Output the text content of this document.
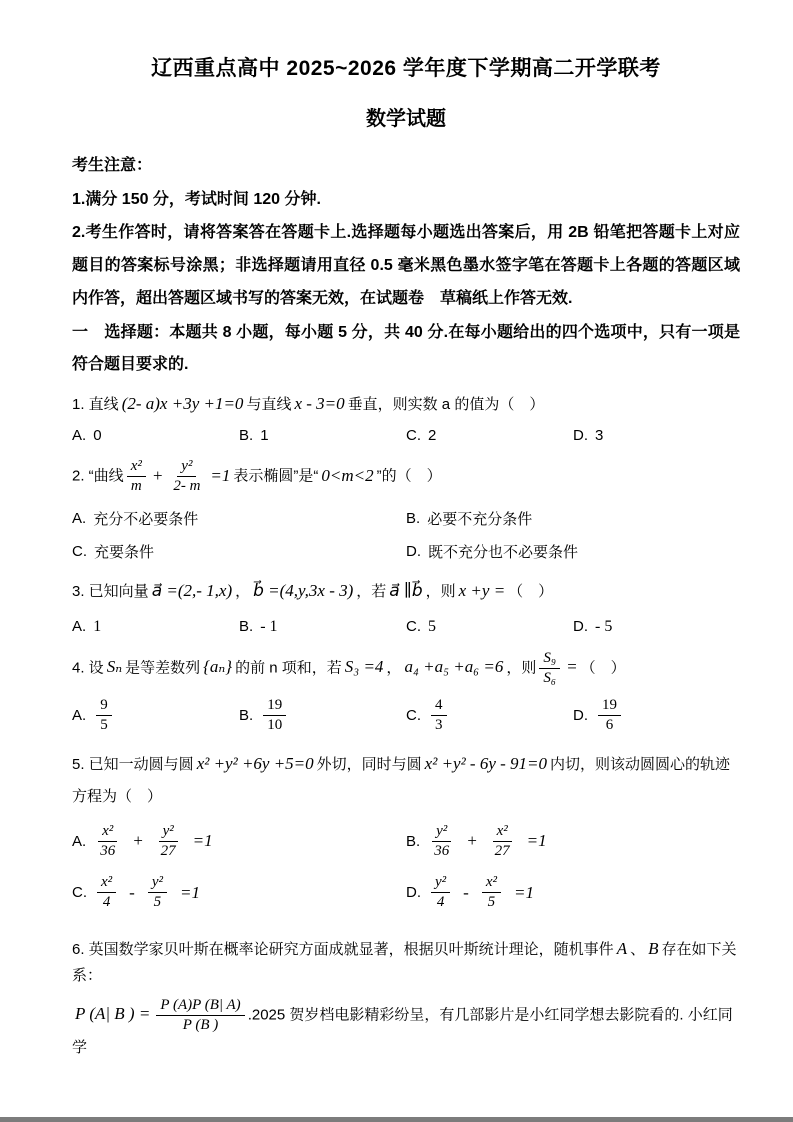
辽西重点高中 2025~2026 学年度下学期高二开学联考
数学试题
考生注意：
1.满分 150 分，考试时间 120 分钟.
2.考生作答时，请将答案答在答题卡上.选择题每小题选出答案后，用 2B 铅笔把答题卡上对应题目的答案标号涂黑；非选择题请用直径 0.5 毫米黑色墨水签字笔在答题卡上各题的答题区域内作答，超出答题区域书写的答案无效，在试题卷　草稿纸上作答无效.
一　选择题：本题共 8 小题，每小题 5 分，共 40 分.在每小题给出的四个选项中，只有一项是符合题目要求的.
1. 直线 (2- a)x +3y +1=0 与直线 x - 3=0 垂直，则实数 a 的值为（　）
A. 0	B. 1	C. 2	D. 3
2. “曲线 $\frac{\text{x²}}{m} + \frac{\text{y²}}{2- m} =1$ 表示椭圆”是“ 0<m<2 ”的（　）
A. 充分不必要条件	B. 必要不充分条件
C. 充要条件	D. 既不充分也不必要条件
3. 已知向量 a⃗ =(2,- 1,x) ， b⃗ =(4,y,3x - 3) ，若 a⃗ ∥b⃗ ，则 x +y = （　）
A. 1	B. - 1	C. 5	D. - 5
4. 设 Sₙ 是等差数列 {aₙ} 的前 n 项和，若 S₃ =4 ， a₄ +a₅ +a₆ =6 ，则 $\frac{\text{S₉}}{\text{S₆}}$ = （　）
A. $\frac{9}{5}$	B. $\frac{19}{10}$	C. $\frac{4}{3}$	D. $\frac{19}{6}$
5. 已知一动圆与圆 x² +y² +6y +5=0 外切，同时与圆 x² +y² - 6y - 91=0 内切，则该动圆圆心的轨迹
方程为（　）
A. $\frac{\text{x²}}{36} + \frac{\text{y²}}{27} =1$	B. $\frac{\text{y²}}{36} + \frac{\text{x²}}{27} =1$
C. $\frac{\text{x²}}{4} - \frac{\text{y²}}{5} =1$	D. $\frac{\text{y²}}{4} - \frac{\text{x²}}{5} =1$
6. 英国数学家贝叶斯在概率论研究方面成就显著，根据贝叶斯统计理论，随机事件 A 、 B 存在如下关系：
P (A| B ) = $\frac{P (A)P (B| A)}{P (B )} .2025$ 贺岁档电影精彩纷呈，有几部影片是小红同学想去影院看的. 小红同学
